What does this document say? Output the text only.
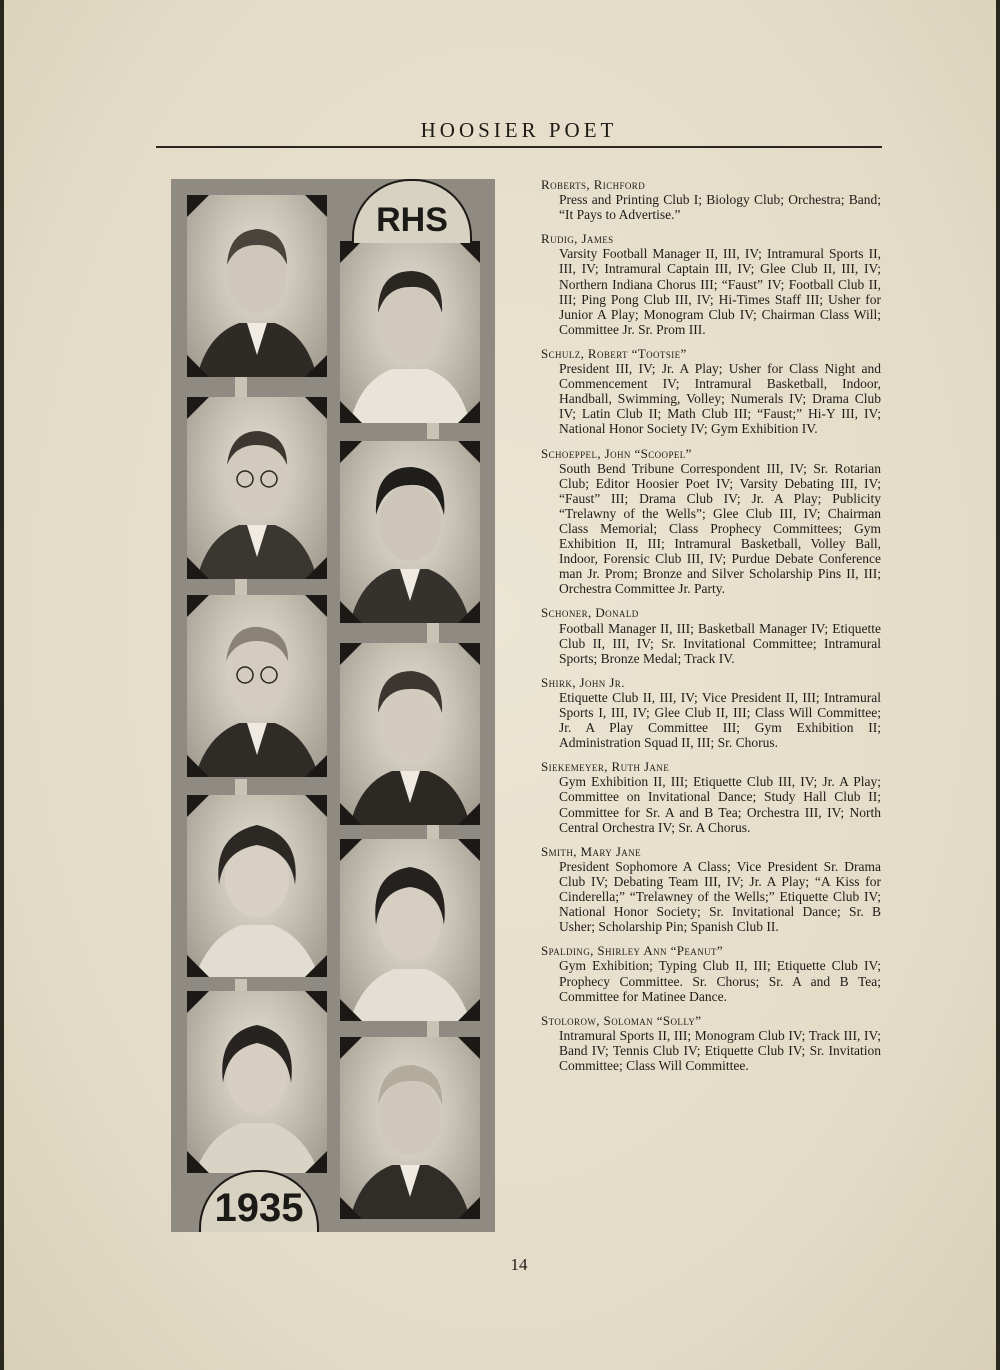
HOOSIER POET
RHS
1935
Roberts, Richford
Press and Printing Club I; Biology Club; Orchestra; Band; “It Pays to Advertise.”
Rudig, James
Varsity Football Manager II, III, IV; Intramural Sports II, III, IV; Intramural Captain III, IV; Glee Club II, III, IV; Northern Indiana Chorus III; “Faust” IV; Football Club II, III; Ping Pong Club III, IV; Hi-Times Staff III; Usher for Junior A Play; Monogram Club IV; Chairman Class Will; Committee Jr. Sr. Prom III.
Schulz, Robert “Tootsie”
President III, IV; Jr. A Play; Usher for Class Night and Commencement IV; Intramural Basketball, Indoor, Handball, Swimming, Volley; Numerals IV; Drama Club IV; Latin Club II; Math Club III; “Faust;” Hi-Y III, IV; National Honor Society IV; Gym Exhibition IV.
Schoeppel, John “Scoopel”
South Bend Tribune Correspondent III, IV; Sr. Rotarian Club; Editor Hoosier Poet IV; Varsity Debating III, IV; “Faust” III; Drama Club IV; Jr. A Play; Publicity “Trelawny of the Wells”; Glee Club III, IV; Chairman Class Memorial; Class Prophecy Committees; Gym Exhibition II, III; Intramural Basketball, Volley Ball, Indoor, Forensic Club III, IV; Purdue Debate Conference man Jr. Prom; Bronze and Silver Scholarship Pins II, III; Orchestra Committee Jr. Party.
Schoner, Donald
Football Manager II, III; Basketball Manager IV; Etiquette Club II, III, IV; Sr. Invitational Committee; Intramural Sports; Bronze Medal; Track IV.
Shirk, John Jr.
Etiquette Club II, III, IV; Vice President II, III; Intramural Sports I, III, IV; Glee Club II, III; Class Will Committee; Jr. A Play Committee III; Gym Exhibition II; Administration Squad II, III; Sr. Chorus.
Siekemeyer, Ruth Jane
Gym Exhibition II, III; Etiquette Club III, IV; Jr. A Play; Committee on Invitational Dance; Study Hall Club II; Committee for Sr. A and B Tea; Orchestra III, IV; North Central Orchestra IV; Sr. A Chorus.
Smith, Mary Jane
President Sophomore A Class; Vice President Sr. Drama Club IV; Debating Team III, IV; Jr. A Play; “A Kiss for Cinderella;” “Trelawney of the Wells;” Etiquette Club IV; National Honor Society; Sr. Invitational Dance; Sr. B Usher; Scholarship Pin; Spanish Club II.
Spalding, Shirley Ann “Peanut”
Gym Exhibition; Typing Club II, III; Etiquette Club IV; Prophecy Committee. Sr. Chorus; Sr. A and B Tea; Committee for Matinee Dance.
Stolorow, Soloman “Solly”
Intramural Sports II, III; Monogram Club IV; Track III, IV; Band IV; Tennis Club IV; Etiquette Club IV; Sr. Invitation Committee; Class Will Committee.
14
